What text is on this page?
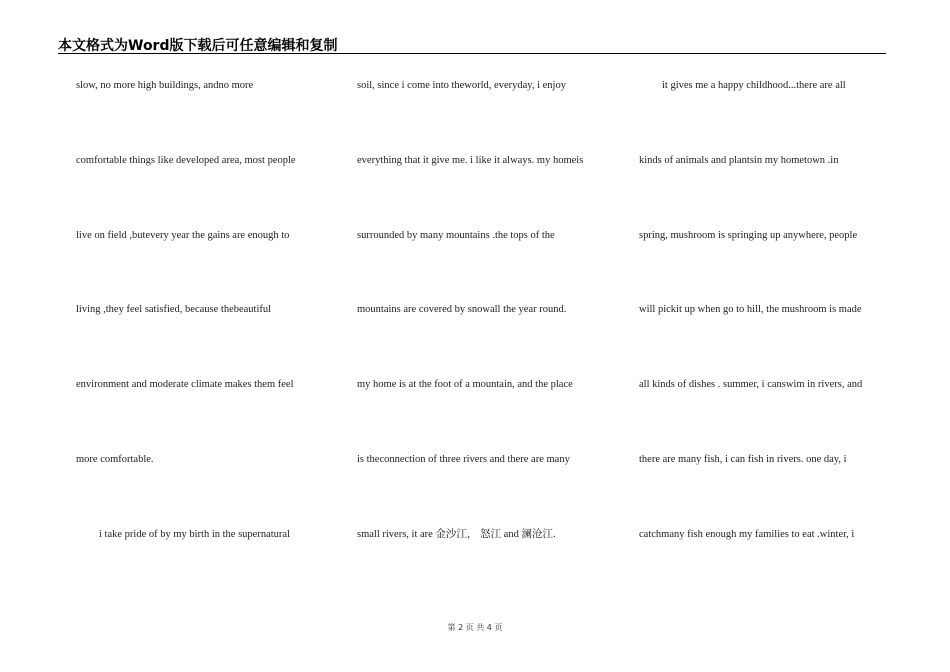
本文格式为Word版下载后可任意编辑和复制
slow, no more high buildings, andno more
comfortable things like developed area, most people
live on field ,butevery year the gains are enough to
living ,they feel satisfied, because thebeautiful
environment and moderate climate makes them feel
more comfortable.
i take pride of by my birth in the supernatural
soil, since i come into theworld, everyday, i enjoy
everything that it give me. i like it always. my homeis
surrounded by many mountains .the tops of the
mountains are covered by snowall the year round.
my home is at the foot of a mountain, and the place
is theconnection of three rivers and there are many
small rivers, it are 金沙江， 怒江 and 澜沧江.
it gives me a happy childhood...there are all
kinds of animals and plantsin my hometown .in
spring, mushroom is springing up anywhere, people
will pickit up when go to hill, the mushroom is made
all kinds of dishes . summer, i canswim in rivers, and
there are many fish, i can fish in rivers. one day, i
catchmany fish enough my families to eat .winter, i
第 2 页 共 4 页
